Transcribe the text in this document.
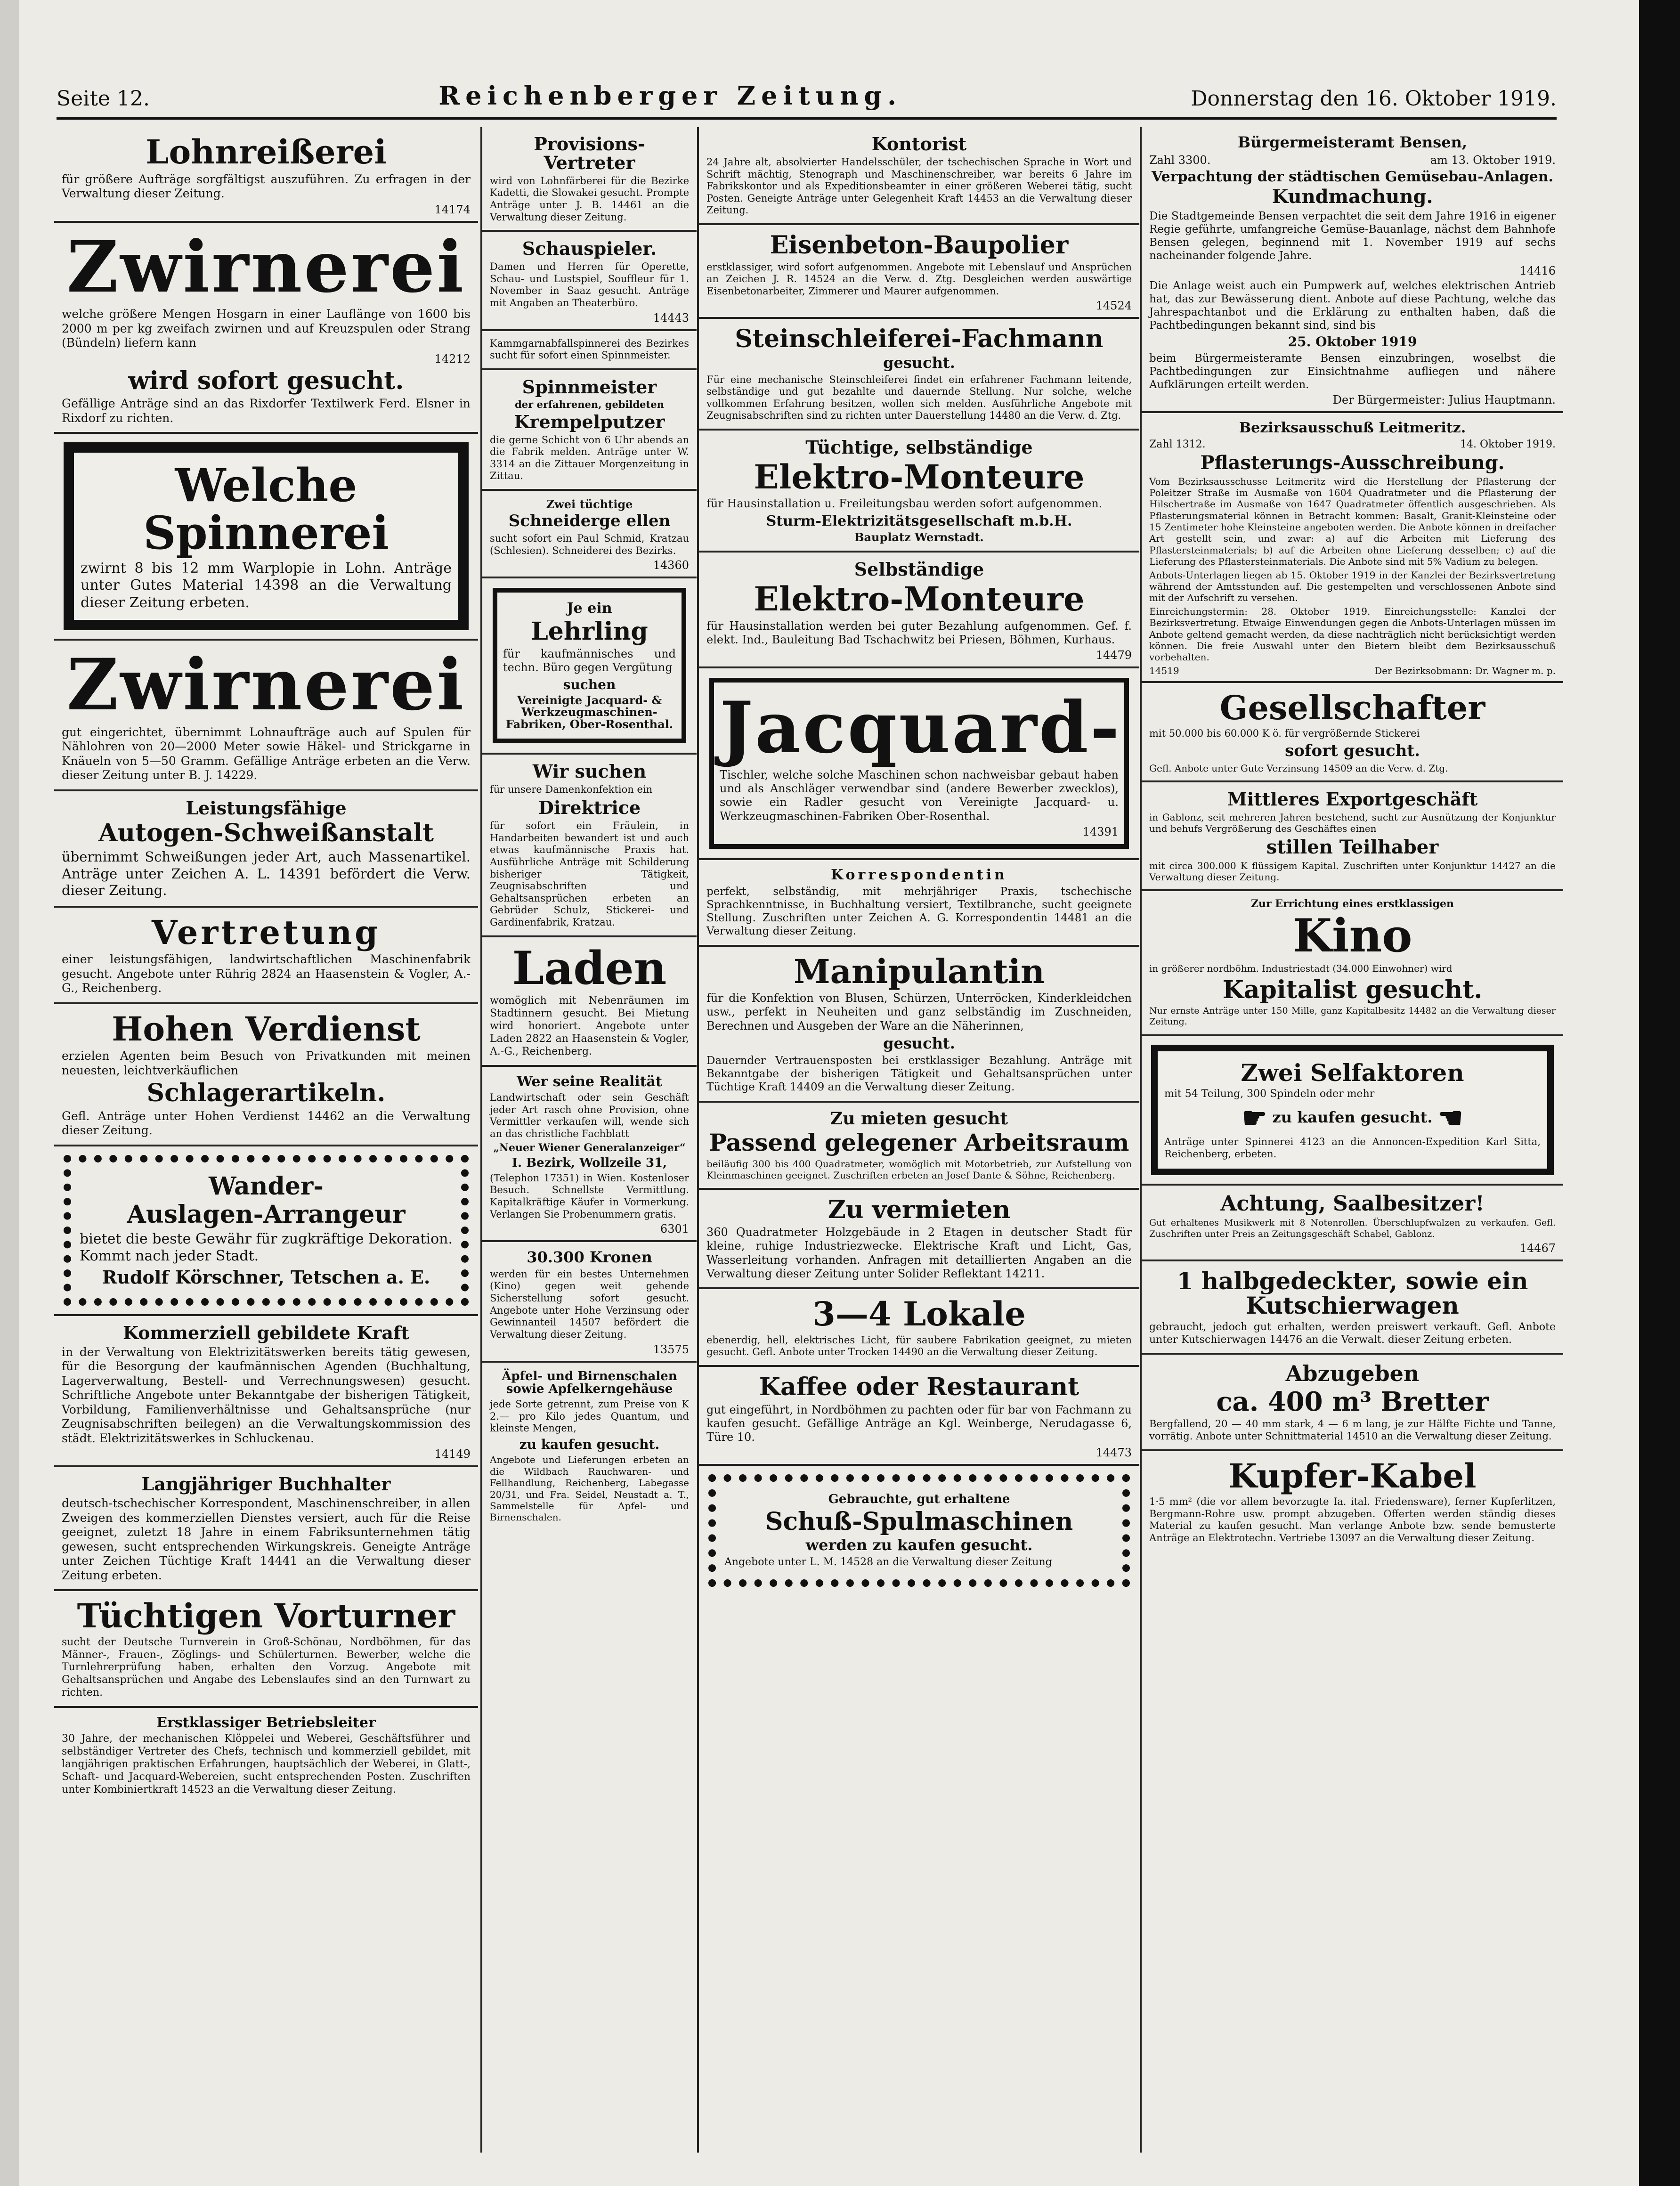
Seite 12.	Reichenberger Zeitung.	Donnerstag den 16. Oktober 1919.
Lohnreißerei

für größere Aufträge sorgfältigst auszuführen. Zu erfragen in der Verwaltung dieser Zeitung.

14174
Zwirnerei

welche größere Mengen Hosgarn in einer Lauflänge von 1600 bis 2000 m per kg zweifach zwirnen und auf Kreuzspulen oder Strang (Bündeln) liefern kann

14212
wird sofort gesucht.

Gefällige Anträge sind an das Rixdorfer Textilwerk Ferd. Elsner in Rixdorf zu richten.

Welche Spinnerei

zwirnt 8 bis 12 mm Warplopie in Lohn. Anträge unter Gutes Material 14398 an die Verwaltung dieser Zeitung erbeten.

Zwirnerei

gut eingerichtet, übernimmt Lohnaufträge auch auf Spulen für Nählohren von 20—2000 Meter sowie Häkel- und Strickgarne in Knäueln von 5—50 Gramm. Gefällige Anträge erbeten an die Verw. dieser Zeitung unter B. J. 14229.

Leistungsfähige
Autogen-Schweißanstalt

übernimmt Schweißungen jeder Art, auch Massenartikel. Anträge unter Zeichen A. L. 14391 befördert die Verw. dieser Zeitung.

Vertretung

einer leistungsfähigen, landwirtschaftlichen Maschinenfabrik gesucht. Angebote unter Rührig 2824 an Haasenstein & Vogler, A.-G., Reichenberg.

Hohen Verdienst

erzielen Agenten beim Besuch von Privatkunden mit meinen neuesten, leichtverkäuflichen

Schlagerartikeln.

Gefl. Anträge unter Hohen Verdienst 14462 an die Verwaltung dieser Zeitung.

Wander-
Auslagen-Arrangeur

bietet die beste Gewähr für zugkräftige Dekoration. Kommt nach jeder Stadt.

Rudolf Körschner, Tetschen a. E.
Kommerziell gebildete Kraft

in der Verwaltung von Elektrizitätswerken bereits tätig gewesen, für die Besorgung der kaufmännischen Agenden (Buchhaltung, Lagerverwaltung, Bestell- und Verrechnungswesen) gesucht. Schriftliche Angebote unter Bekanntgabe der bisherigen Tätigkeit, Vorbildung, Familienverhältnisse und Gehaltsansprüche (nur Zeugnisabschriften beilegen) an die Verwaltungskommission des städt. Elektrizitätswerkes in Schluckenau.

14149
Langjähriger Buchhalter

deutsch-tschechischer Korrespondent, Maschinenschreiber, in allen Zweigen des kommerziellen Dienstes versiert, auch für die Reise geeignet, zuletzt 18 Jahre in einem Fabriksunternehmen tätig gewesen, sucht entsprechenden Wirkungskreis. Geneigte Anträge unter Zeichen Tüchtige Kraft 14441 an die Verwaltung dieser Zeitung erbeten.

Tüchtigen Vorturner

sucht der Deutsche Turnverein in Groß-Schönau, Nordböhmen, für das Männer-, Frauen-, Zöglings- und Schülerturnen. Bewerber, welche die Turnlehrerprüfung haben, erhalten den Vorzug. Angebote mit Gehaltsansprüchen und Angabe des Lebenslaufes sind an den Turnwart zu richten.

Erstklassiger Betriebsleiter

30 Jahre, der mechanischen Klöppelei und Weberei, Geschäftsführer und selbständiger Vertreter des Chefs, technisch und kommerziell gebildet, mit langjährigen praktischen Erfahrungen, hauptsächlich der Weberei, in Glatt-, Schaft- und Jacquard-Webereien, sucht entsprechenden Posten. Zuschriften unter Kombiniertkraft 14523 an die Verwaltung dieser Zeitung.

Provisions-Vertreter

wird von Lohnfärberei für die Bezirke Kadetti, die Slowakei gesucht. Prompte Anträge unter J. B. 14461 an die Verwaltung dieser Zeitung.

Schauspieler.

Damen und Herren für Operette, Schau- und Lustspiel, Souffleur für 1. November in Saaz gesucht. Anträge mit Angaben an Theaterbüro.

14443

Kammgarnabfallspinnerei des Bezirkes sucht für sofort einen Spinnmeister.

Spinnmeister
der erfahrenen, gebildeten
Krempelputzer

die gerne Schicht von 6 Uhr abends an die Fabrik melden. Anträge unter W. 3314 an die Zittauer Morgenzeitung in Zittau.

Zwei tüchtige
Schneiderge ellen

sucht sofort ein Paul Schmid, Kratzau (Schlesien). Schneiderei des Bezirks.

14360
Je ein
Lehrling

für kaufmännisches und techn. Büro gegen Vergütung

suchen
Vereinigte Jacquard- & Werkzeugmaschinen-Fabriken, Ober-Rosenthal.
Wir suchen

für unsere Damenkonfektion ein

Direktrice

für sofort ein Fräulein, in Handarbeiten bewandert ist und auch etwas kaufmännische Praxis hat. Ausführliche Anträge mit Schilderung bisheriger Tätigkeit, Zeugnisabschriften und Gehaltsansprüchen erbeten an Gebrüder Schulz, Stickerei- und Gardinenfabrik, Kratzau.

Laden

womöglich mit Nebenräumen im Stadtinnern gesucht. Bei Mietung wird honoriert. Angebote unter Laden 2822 an Haasenstein & Vogler, A.-G., Reichenberg.

Wer seine Realität

Landwirtschaft oder sein Geschäft jeder Art rasch ohne Provision, ohne Vermittler verkaufen will, wende sich an das christliche Fachblatt

„Neuer Wiener Generalanzeiger“
I. Bezirk, Wollzeile 31,

(Telephon 17351) in Wien. Kostenloser Besuch. Schnellste Vermittlung. Kapitalkräftige Käufer in Vormerkung. Verlangen Sie Probenummern gratis.

6301
30.300 Kronen

werden für ein bestes Unternehmen (Kino) gegen weit gehende Sicherstellung sofort gesucht. Angebote unter Hohe Verzinsung oder Gewinnanteil 14507 befördert die Verwaltung dieser Zeitung.

13575
Äpfel- und Birnenschalen sowie Apfelkerngehäuse

jede Sorte getrennt, zum Preise von K 2.— pro Kilo jedes Quantum, und kleinste Mengen,

zu kaufen gesucht.

Angebote und Lieferungen erbeten an die Wildbach Rauchwaren- und Fellhandlung, Reichenberg, Labegasse 20/31, und Fra. Seidel, Neustadt a. T., Sammelstelle für Apfel- und Birnenschalen.

Kontorist

24 Jahre alt, absolvierter Handelsschüler, der tschechischen Sprache in Wort und Schrift mächtig, Stenograph und Maschinenschreiber, war bereits 6 Jahre im Fabrikskontor und als Expeditionsbeamter in einer größeren Weberei tätig, sucht Posten. Geneigte Anträge unter Gelegenheit Kraft 14453 an die Verwaltung dieser Zeitung.

Eisenbeton-Baupolier

erstklassiger, wird sofort aufgenommen. Angebote mit Lebenslauf und Ansprüchen an Zeichen J. R. 14524 an die Verw. d. Ztg. Desgleichen werden auswärtige Eisenbetonarbeiter, Zimmerer und Maurer aufgenommen.

14524
Steinschleiferei-Fachmann
gesucht.

Für eine mechanische Steinschleiferei findet ein erfahrener Fachmann leitende, selbständige und gut bezahlte und dauernde Stellung. Nur solche, welche vollkommen Erfahrung besitzen, wollen sich melden. Ausführliche Angebote mit Zeugnisabschriften sind zu richten unter Dauerstellung 14480 an die Verw. d. Ztg.

Tüchtige, selbständige
Elektro-Monteure

für Hausinstallation u. Freileitungsbau werden sofort aufgenommen.

Sturm-Elektrizitätsgesellschaft m.b.H.
Bauplatz Wernstadt.
Selbständige
Elektro-Monteure

für Hausinstallation werden bei guter Bezahlung aufgenommen. Gef. f. elekt. Ind., Bauleitung Bad Tschachwitz bei Priesen, Böhmen, Kurhaus.

14479
Jacquard-

Tischler, welche solche Maschinen schon nachweisbar gebaut haben und als Anschläger verwendbar sind (andere Bewerber zwecklos), sowie ein Radler gesucht von Vereinigte Jacquard- u. Werkzeugmaschinen-Fabriken Ober-Rosenthal.

14391
Korrespondentin

perfekt, selbständig, mit mehrjähriger Praxis, tschechische Sprachkenntnisse, in Buchhaltung versiert, Textilbranche, sucht geeignete Stellung. Zuschriften unter Zeichen A. G. Korrespondentin 14481 an die Verwaltung dieser Zeitung.

Manipulantin

für die Konfektion von Blusen, Schürzen, Unterröcken, Kinderkleidchen usw., perfekt in Neuheiten und ganz selbständig im Zuschneiden, Berechnen und Ausgeben der Ware an die Näherinnen,

gesucht.

Dauernder Vertrauensposten bei erstklassiger Bezahlung. Anträge mit Bekanntgabe der bisherigen Tätigkeit und Gehaltsansprüchen unter Tüchtige Kraft 14409 an die Verwaltung dieser Zeitung.

Zu mieten gesucht
Passend gelegener Arbeitsraum

beiläufig 300 bis 400 Quadratmeter, womöglich mit Motorbetrieb, zur Aufstellung von Kleinmaschinen geeignet. Zuschriften erbeten an Josef Dante & Söhne, Reichenberg.

Zu vermieten

360 Quadratmeter Holzgebäude in 2 Etagen in deutscher Stadt für kleine, ruhige Industriezwecke. Elektrische Kraft und Licht, Gas, Wasserleitung vorhanden. Anfragen mit detaillierten Angaben an die Verwaltung dieser Zeitung unter Solider Reflektant 14211.

3—4 Lokale

ebenerdig, hell, elektrisches Licht, für saubere Fabrikation geeignet, zu mieten gesucht. Gefl. Anbote unter Trocken 14490 an die Verwaltung dieser Zeitung.

Kaffee oder Restaurant

gut eingeführt, in Nordböhmen zu pachten oder für bar von Fachmann zu kaufen gesucht. Gefällige Anträge an Kgl. Weinberge, Nerudagasse 6, Türe 10.

14473
Gebrauchte, gut erhaltene
Schuß-Spulmaschinen
werden zu kaufen gesucht.

Angebote unter L. M. 14528 an die Verwaltung dieser Zeitung

Bürgermeisteramt Bensen,
Zahl 3300.	am 13. Oktober 1919.
Verpachtung der städtischen Gemüsebau-Anlagen.
Kundmachung.

Die Stadtgemeinde Bensen verpachtet die seit dem Jahre 1916 in eigener Regie geführte, umfangreiche Gemüse-Bauanlage, nächst dem Bahnhofe Bensen gelegen, beginnend mit 1. November 1919 auf sechs nacheinander folgende Jahre.

14416

Die Anlage weist auch ein Pumpwerk auf, welches elektrischen Antrieb hat, das zur Bewässerung dient. Anbote auf diese Pachtung, welche das Jahrespachtanbot und die Erklärung zu enthalten haben, daß die Pachtbedingungen bekannt sind, sind bis

25. Oktober 1919

beim Bürgermeisteramte Bensen einzubringen, woselbst die Pachtbedingungen zur Einsichtnahme aufliegen und nähere Aufklärungen erteilt werden.

Der Bürgermeister: Julius Hauptmann.
Bezirksausschuß Leitmeritz.
Zahl 1312.	14. Oktober 1919.
Pflasterungs-Ausschreibung.

Vom Bezirksausschusse Leitmeritz wird die Herstellung der Pflasterung der Poleitzer Straße im Ausmaße von 1604 Quadratmeter und die Pflasterung der Hilschertraße im Ausmaße von 1647 Quadratmeter öffentlich ausgeschrieben. Als Pflasterungsmaterial können in Betracht kommen: Basalt, Granit-Kleinsteine oder 15 Zentimeter hohe Kleinsteine angeboten werden. Die Anbote können in dreifacher Art gestellt sein, und zwar: a) auf die Arbeiten mit Lieferung des Pflastersteinmaterials; b) auf die Arbeiten ohne Lieferung desselben; c) auf die Lieferung des Pflastersteinmaterials. Die Anbote sind mit 5% Vadium zu belegen.

Anbots-Unterlagen liegen ab 15. Oktober 1919 in der Kanzlei der Bezirksvertretung während der Amtsstunden auf. Die gestempelten und verschlossenen Anbote sind mit der Aufschrift zu versehen.

Einreichungstermin: 28. Oktober 1919. Einreichungsstelle: Kanzlei der Bezirksvertretung. Etwaige Einwendungen gegen die Anbots-Unterlagen müssen im Anbote geltend gemacht werden, da diese nachträglich nicht berücksichtigt werden können. Die freie Auswahl unter den Bietern bleibt dem Bezirksausschuß vorbehalten.

14519	Der Bezirksobmann: Dr. Wagner m. p.
Gesellschafter

mit 50.000 bis 60.000 K ö. für vergrößernde Stickerei

sofort gesucht.

Gefl. Anbote unter Gute Verzinsung 14509 an die Verw. d. Ztg.

Mittleres Exportgeschäft

in Gablonz, seit mehreren Jahren bestehend, sucht zur Ausnützung der Konjunktur und behufs Vergrößerung des Geschäftes einen

stillen Teilhaber

mit circa 300.000 K flüssigem Kapital. Zuschriften unter Konjunktur 14427 an die Verwaltung dieser Zeitung.

Zur Errichtung eines erstklassigen
Kino

in größerer nordböhm. Industriestadt (34.000 Einwohner) wird

Kapitalist gesucht.

Nur ernste Anträge unter 150 Mille, ganz Kapitalbesitz 14482 an die Verwaltung dieser Zeitung.

Zwei Selfaktoren

mit 54 Teilung, 300 Spindeln oder mehr

☛ zu kaufen gesucht. ☚

Anträge unter Spinnerei 4123 an die Annoncen-Expedition Karl Sitta, Reichenberg, erbeten.

Achtung, Saalbesitzer!

Gut erhaltenes Musikwerk mit 8 Notenrollen. Überschlupfwalzen zu verkaufen. Gefl. Zuschriften unter Preis an Zeitungsgeschäft Schabel, Gablonz.

14467
1 halbgedeckter, sowie ein Kutschierwagen

gebraucht, jedoch gut erhalten, werden preiswert verkauft. Gefl. Anbote unter Kutschierwagen 14476 an die Verwalt. dieser Zeitung erbeten.

Abzugeben
ca. 400 m³ Bretter

Bergfallend, 20 — 40 mm stark, 4 — 6 m lang, je zur Hälfte Fichte und Tanne, vorrätig. Anbote unter Schnittmaterial 14510 an die Verwaltung dieser Zeitung.

Kupfer-Kabel

1·5 mm² (die vor allem bevorzugte Ia. ital. Friedensware), ferner Kupferlitzen, Bergmann-Rohre usw. prompt abzugeben. Offerten werden ständig dieses Material zu kaufen gesucht. Man verlange Anbote bzw. sende bemusterte Anträge an Elektrotechn. Vertriebe 13097 an die Verwaltung dieser Zeitung.
